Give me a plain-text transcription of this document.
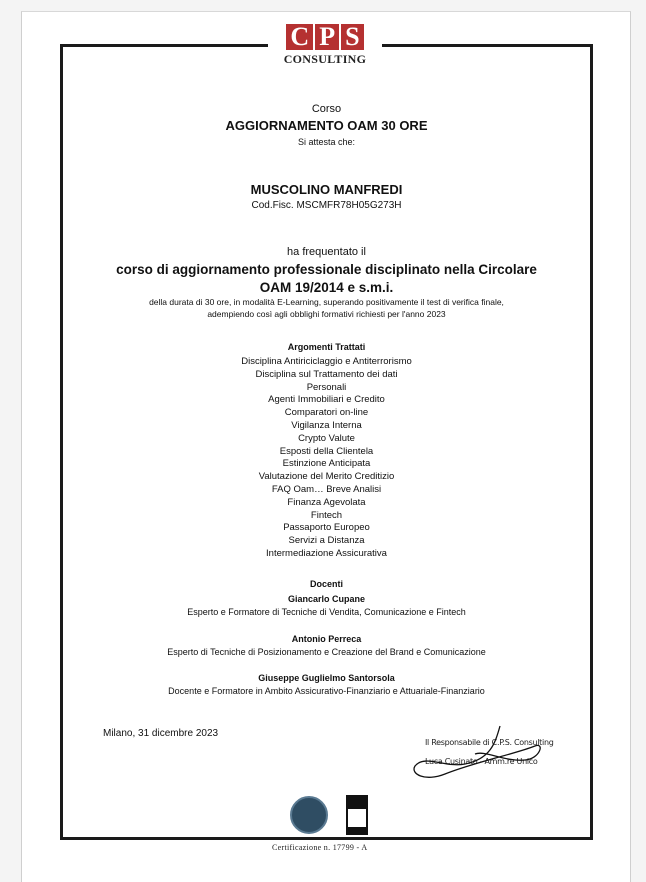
C P S
CONSULTING
Corso
AGGIORNAMENTO OAM 30 ORE
Si attesta che:
MUSCOLINO MANFREDI
Cod.Fisc. MSCMFR78H05G273H
ha frequentato il
corso di aggiornamento professionale disciplinato nella Circolare
OAM 19/2014 e s.m.i.
della durata di 30 ore, in modalità E-Learning, superando positivamente il test di verifica finale,
adempiendo così agli obblighi formativi richiesti per l'anno 2023
Argomenti Trattati
Disciplina Antiriciclaggio e Antiterrorismo
Disciplina sul Trattamento dei dati
Personali
Agenti Immobiliari e Credito
Comparatori on-line
Vigilanza Interna
Crypto Valute
Esposti della Clientela
Estinzione Anticipata
Valutazione del Merito Creditizio
FAQ Oam… Breve Analisi
Finanza Agevolata
Fintech
Passaporto Europeo
Servizi a Distanza
Intermediazione Assicurativa
Docenti
Giancarlo Cupane
Esperto e Formatore di Tecniche di Vendita, Comunicazione e Fintech
Antonio Perreca
Esperto di Tecniche di Posizionamento e Creazione del Brand e Comunicazione
Giuseppe Guglielmo Santorsola
Docente e Formatore in Ambito Assicurativo-Finanziario e Attuariale-Finanziario
Milano, 31 dicembre 2023
Il Responsabile di C.P.S. Consulting
Luca Cusinato - Amm.re Unico
Certificazione n. 17799 - A
